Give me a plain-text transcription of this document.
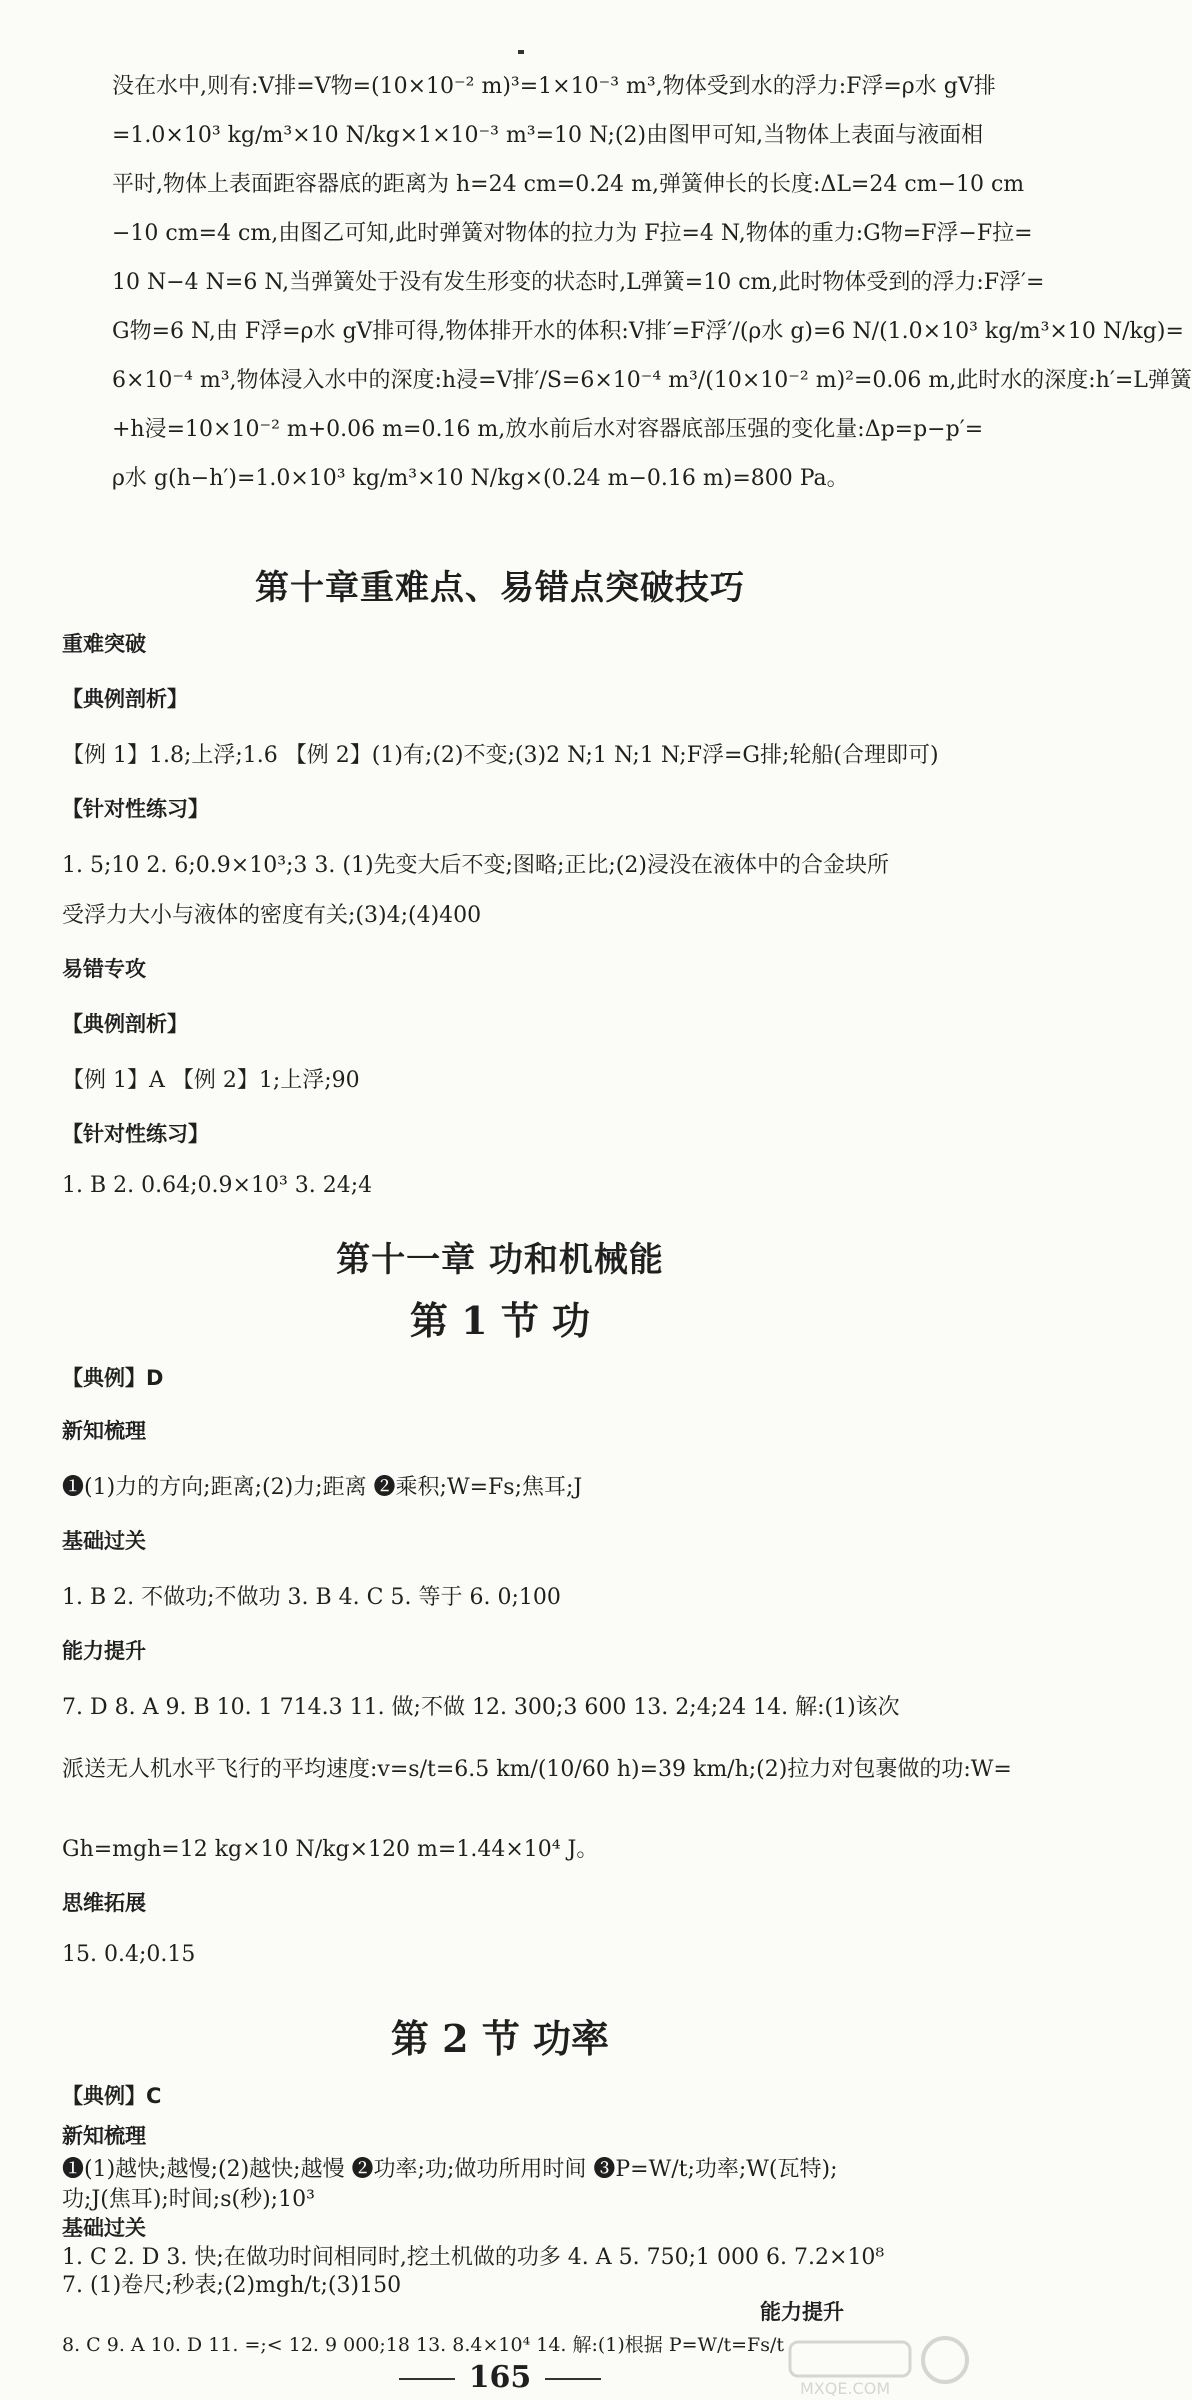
没在水中,则有:V排=V物=(10×10⁻² m)³=1×10⁻³ m³,物体受到水的浮力:F浮=ρ水 gV排
=1.0×10³ kg/m³×10 N/kg×1×10⁻³ m³=10 N;(2)由图甲可知,当物体上表面与液面相
平时,物体上表面距容器底的距离为 h=24 cm=0.24 m,弹簧伸长的长度:ΔL=24 cm−10 cm
−10 cm=4 cm,由图乙可知,此时弹簧对物体的拉力为 F拉=4 N,物体的重力:G物=F浮−F拉=
10 N−4 N=6 N,当弹簧处于没有发生形变的状态时,L弹簧=10 cm,此时物体受到的浮力:F浮′=
G物=6 N,由 F浮=ρ水 gV排可得,物体排开水的体积:V排′=F浮′/(ρ水 g)=6 N/(1.0×10³ kg/m³×10 N/kg)=
6×10⁻⁴ m³,物体浸入水中的深度:h浸=V排′/S=6×10⁻⁴ m³/(10×10⁻² m)²=0.06 m,此时水的深度:h′=L弹簧
+h浸=10×10⁻² m+0.06 m=0.16 m,放水前后水对容器底部压强的变化量:Δp=p−p′=
ρ水 g(h−h′)=1.0×10³ kg/m³×10 N/kg×(0.24 m−0.16 m)=800 Pa。
第十章重难点、易错点突破技巧
重难突破
【典例剖析】
【例 1】1.8;上浮;1.6 【例 2】(1)有;(2)不变;(3)2 N;1 N;1 N;F浮=G排;轮船(合理即可)
【针对性练习】
1. 5;10 2. 6;0.9×10³;3 3. (1)先变大后不变;图略;正比;(2)浸没在液体中的合金块所
受浮力大小与液体的密度有关;(3)4;(4)400
易错专攻
【典例剖析】
【例 1】A 【例 2】1;上浮;90
【针对性练习】
1. B 2. 0.64;0.9×10³ 3. 24;4
第十一章 功和机械能
第 1 节 功
【典例】D
新知梳理
❶(1)力的方向;距离;(2)力;距离 ❷乘积;W=Fs;焦耳;J
基础过关
1. B 2. 不做功;不做功 3. B 4. C 5. 等于 6. 0;100
能力提升
7. D 8. A 9. B 10. 1 714.3 11. 做;不做 12. 300;3 600 13. 2;4;24 14. 解:(1)该次
派送无人机水平飞行的平均速度:v=s/t=6.5 km/(10/60 h)=39 km/h;(2)拉力对包裹做的功:W=
Gh=mgh=12 kg×10 N/kg×120 m=1.44×10⁴ J。
思维拓展
15. 0.4;0.15
第 2 节 功率
【典例】C
新知梳理
❶(1)越快;越慢;(2)越快;越慢 ❷功率;功;做功所用时间 ❸P=W/t;功率;W(瓦特);
功;J(焦耳);时间;s(秒);10³
基础过关
1. C 2. D 3. 快;在做功时间相同时,挖土机做的功多 4. A 5. 750;1 000 6. 7.2×10⁸
7. (1)卷尺;秒表;(2)mgh/t;(3)150
能力提升
8. C 9. A 10. D 11. =;< 12. 9 000;18 13. 8.4×10⁴ 14. 解:(1)根据 P=W/t=Fs/t
165	MXQE.COM
